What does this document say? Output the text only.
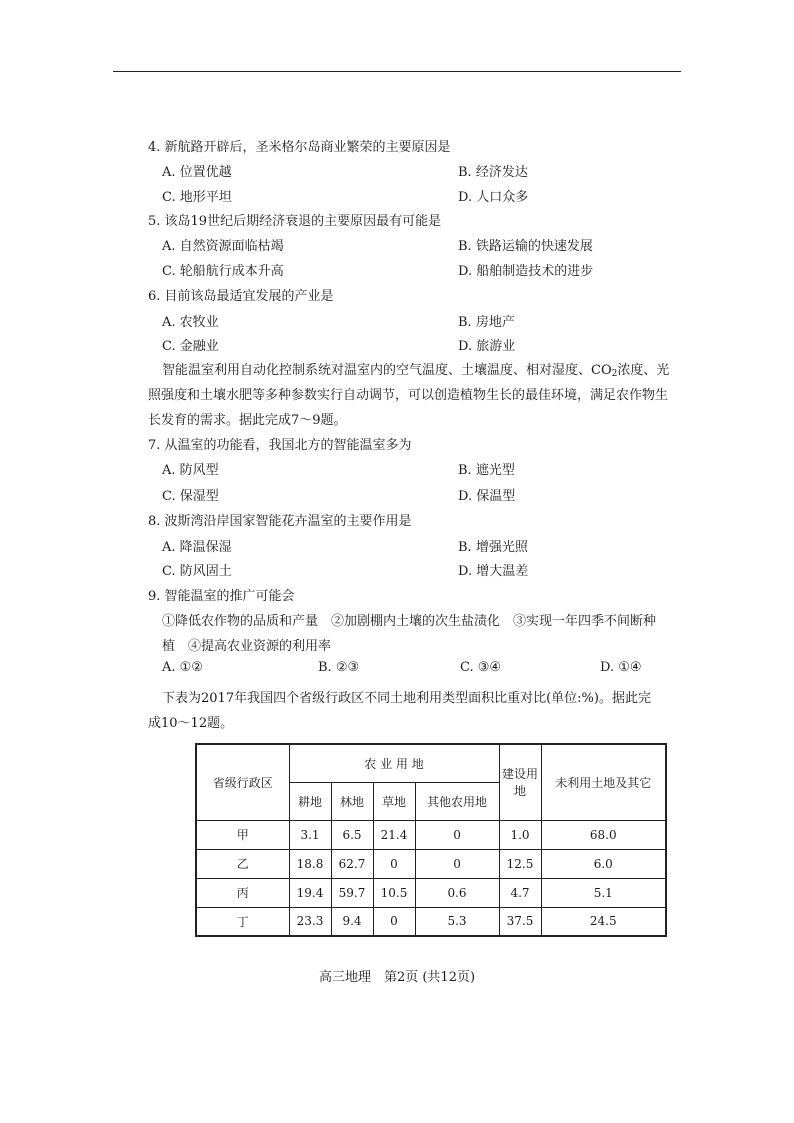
4. 新航路开辟后，圣米格尔岛商业繁荣的主要原因是
A. 位置优越	B. 经济发达
C. 地形平坦	D. 人口众多
5. 该岛19世纪后期经济衰退的主要原因最有可能是
A. 自然资源面临枯竭	B. 铁路运输的快速发展
C. 轮船航行成本升高	D. 船舶制造技术的进步
6. 目前该岛最适宜发展的产业是
A. 农牧业	B. 房地产
C. 金融业	D. 旅游业
智能温室利用自动化控制系统对温室内的空气温度、土壤温度、相对湿度、$CO_2$浓度、光
照强度和土壤水肥等多种参数实行自动调节，可以创造植物生长的最佳环境，满足农作物生
长发育的需求。据此完成7～9题。
7. 从温室的功能看，我国北方的智能温室多为
A. 防风型	B. 遮光型
C. 保湿型	D. 保温型
8. 波斯湾沿岸国家智能花卉温室的主要作用是
A. 降温保湿	B. 增强光照
C. 防风固土	D. 增大温差
9. 智能温室的推广可能会
①降低农作物的品质和产量　②加剧棚内土壤的次生盐渍化　③实现一年四季不间断种
植　④提高农业资源的利用率
A. ①②	B. ②③	C. ③④	D. ①④
下表为2017年我国四个省级行政区不同土地利用类型面积比重对比(单位:%)。据此完
成10～12题。
省级行政区	农 业 用 地				建设用地	未利用土地及其它
	耕地	林地	草地	其他农用地		
甲	3.1	6.5	21.4	0	1.0	68.0
乙	18.8	62.7	0	0	12.5	6.0
丙	19.4	59.7	10.5	0.6	4.7	5.1
丁	23.3	9.4	0	5.3	37.5	24.5
高三地理　第2页 (共12页)
